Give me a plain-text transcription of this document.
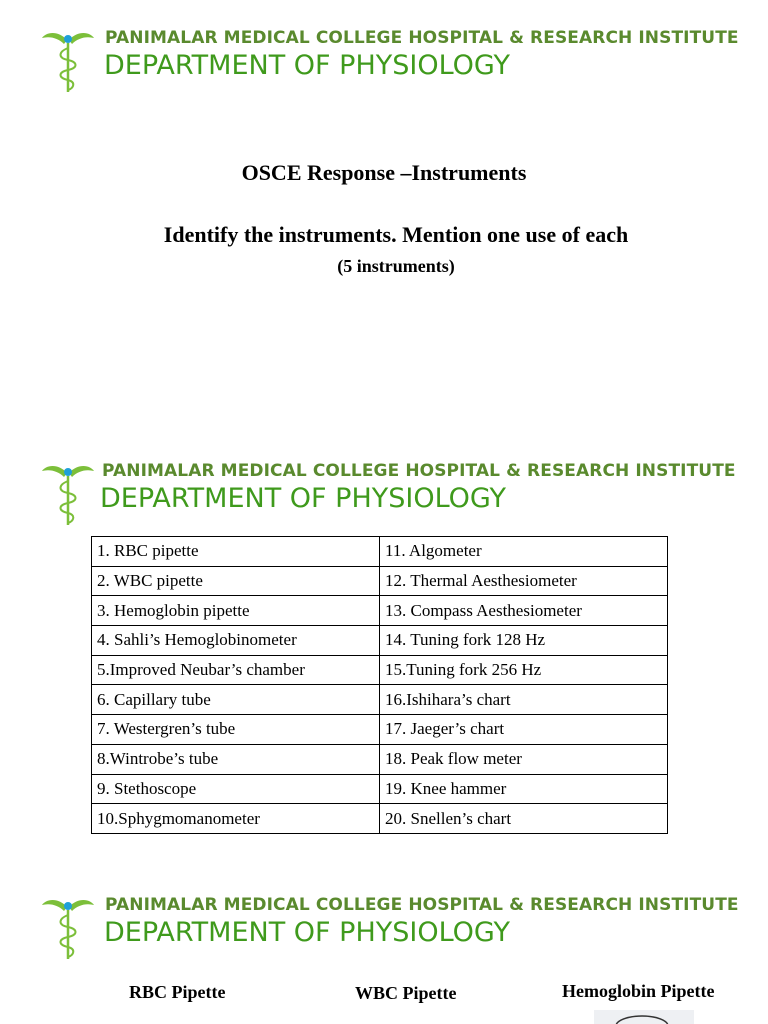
PANIMALAR MEDICAL COLLEGE HOSPITAL & RESEARCH INSTITUTE
DEPARTMENT OF PHYSIOLOGY
OSCE Response –Instruments
Identify the instruments. Mention one use of each
(5 instruments)
PANIMALAR MEDICAL COLLEGE HOSPITAL & RESEARCH INSTITUTE
DEPARTMENT OF PHYSIOLOGY
1. RBC pipette	11. Algometer
2. WBC pipette	12. Thermal Aesthesiometer
3. Hemoglobin pipette	13. Compass Aesthesiometer
4. Sahli’s Hemoglobinometer	14. Tuning fork 128 Hz
5.Improved Neubar’s chamber	15.Tuning fork 256 Hz
6. Capillary tube	16.Ishihara’s chart
7. Westergren’s tube	17. Jaeger’s chart
8.Wintrobe’s tube	18. Peak flow meter
9. Stethoscope	19. Knee hammer
10.Sphygmomanometer	20. Snellen’s chart
PANIMALAR MEDICAL COLLEGE HOSPITAL & RESEARCH INSTITUTE
DEPARTMENT OF PHYSIOLOGY
RBC Pipette	WBC Pipette	Hemoglobin Pipette
